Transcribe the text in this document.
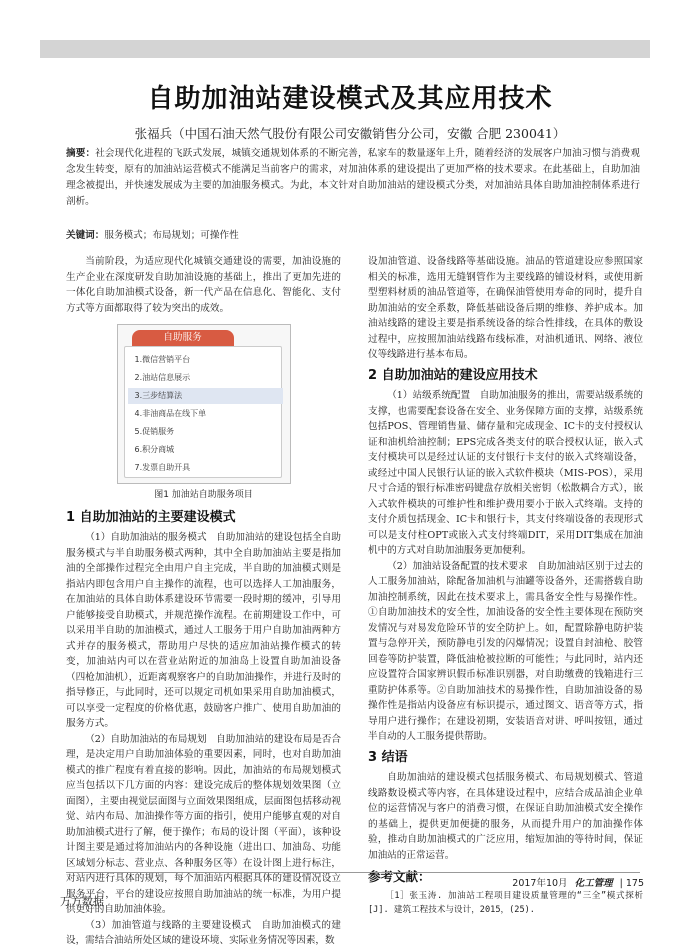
自助加油站建设模式及其应用技术
张福兵（中国石油天然气股份有限公司安徽销售分公司，安徽 合肥 230041）
摘要：社会现代化进程的飞跃式发展，城镇交通规划体系的不断完善，私家车的数量逐年上升，随着经济的发展客户加油习惯与消费观念发生转变，原有的加油站运营模式不能满足当前客户的需求，对加油体系的建设提出了更加严格的技术要求。在此基础上，自助加油理念被提出，并快速发展成为主要的加油服务模式。为此，本文针对自助加油站的建设模式分类，对加油站具体自助加油控制体系进行剖析。
关键词：服务模式；布局规划；可操作性

当前阶段，为适应现代化城镇交通建设的需要，加油设施的生产企业在深度研发自助加油设施的基础上，推出了更加先进的一体化自助加油模式设备，新一代产品在信息化、智能化、支付方式等方面都取得了较为突出的成效。

自助服务
1.微信营销平台
2.油站信息展示
3.三步结算法
4.非油商品在线下单
5.促销服务
6.积分商城
7.发票自助开具
图1 加油站自助服务项目
1 自助加油站的主要建设模式

（1）自助加油站的服务模式　自助加油站的建设包括全自助服务模式与半自助服务模式两种，其中全自助加油站主要是指加油的全部操作过程完全由用户自主完成，半自助的加油模式则是指站内即包含用户自主操作的流程，也可以选择人工加油服务，在加油站的具体自助体系建设环节需要一段时期的缓冲，引导用户能够接受自助模式，并规范操作流程。在前期建设工作中，可以采用半自助的加油模式，通过人工服务于用户自助加油两种方式并存的服务模式，帮助用户尽快的适应加油站操作模式的转变，加油站内可以在营业站附近的加油岛上设置自助加油设备（四枪加油机），近距离观察客户的自助加油操作，并进行及时的指导修正，与此同时，还可以规定司机如果采用自助加油模式，可以享受一定程度的价格优惠，鼓励客户推广、使用自助加油的服务方式。

（2）自助加油站的布局规划　自助加油站的建设布局是否合理，是决定用户自助加油体验的重要因素，同时，也对自助加油模式的推广程度有着直接的影响。因此，加油站的布局规划模式应当包括以下几方面的内容：建设完成后的整体规划效果图（立面图），主要由视觉层面图与立面效果图组成，层面图包括移动视觉、站内布局、加油操作等方面的指引，使用户能够直观的对自助加油模式进行了解，便于操作；布局的设计图（平面），该种设计图主要是通过将加油站内的各种设施（进出口、加油岛、功能区域划分标志、营业点、各种服务区等）在设计图上进行标注，对站内进行具体的规划，每个加油站内根据具体的建设情况设立服务平台，平台的建设应按照自助加油站的统一标准，为用户提供更好的自助加油体验。

（3）加油管道与线路的主要建设模式　自助加油模式的建设，需结合油站所处区域的建设环境、实际业务情况等因素，数

设加油管道、设备线路等基础设施。油品的管道建设应参照国家相关的标准，选用无缝钢管作为主要线路的铺设材料，或使用新型塑料材质的油品管道等，在确保油管使用寿命的同时，提升自助加油站的安全系数，降低基础设备后期的维修、养护成本。加油站线路的建设主要是指系统设备的综合性排线，在具体的敷设过程中，应按照加油站线路布线标准，对油机通讯、网络、液位仪等线路进行基本布局。

2 自助加油站的建设应用技术

（1）站级系统配置　自助加油服务的推出，需要站级系统的支撑，也需要配套设备在安全、业务保障方面的支撑，站级系统包括POS、管理销售量、储存量和完成现金、IC卡的支付授权认证和油机给油控制；EPS完成各类支付的联合授权认证，嵌入式支付模块可以是经过认证的支付银行卡支付的嵌入式终端设备，或经过中国人民银行认证的嵌入式软件模块（MIS-POS），采用尺寸合适的银行标准密码键盘存放相关密钥（松散耦合方式），嵌入式软件模块的可维护性和维护费用要小于嵌入式终端。支持的支付介质包括现金、IC卡和银行卡，其支付终端设备的表现形式可以是支付柱OPT或嵌入式支付终端DIT，采用DIT集成在加油机中的方式对自助加油服务更加便利。

（2）加油站设备配置的技术要求　自助加油站区别于过去的人工服务加油站，除配备加油机与油罐等设备外，还需搭载自助加油控制系统，因此在技术要求上，需具备安全性与易操作性。①自助加油技术的安全性，加油设备的安全性主要体现在预防突发情况与对易发危险环节的安全防护上。如，配置除静电防护装置与急停开关，预防静电引发的闪爆情况；设置自封油枪、胶管回卷等防护装置，降低油枪被拉断的可能性；与此同时，站内还应设置符合国家辨识假币标准识别器，对自助缴费的钱箱进行三重防护体系等。②自助加油技术的易操作性，自助加油设备的易操作性是指站内设备应有标识提示，通过图文、语音等方式，指导用户进行操作；在建设初期，安装语音对讲、呼叫按钮，通过半自动的人工服务提供帮助。

3 结语

自助加油站的建设模式包括服务模式、布局规划模式、管道线路数设模式等内容，在具体建设过程中，应结合成品油企业单位的运营情况与客户的消费习惯，在保证自助加油模式安全操作的基础上，提供更加便捷的服务，从而提升用户的加油操作体验，推动自助加油模式的广泛应用，缩短加油的等待时间，保证加油站的正常运营。

参考文献：

［1］张玉涛. 加油站工程项目建设质量管理的“三全”模式探析[J]. 建筑工程技术与设计，2015，(25).

2017年10月 化工管理 | 175
万方数据
